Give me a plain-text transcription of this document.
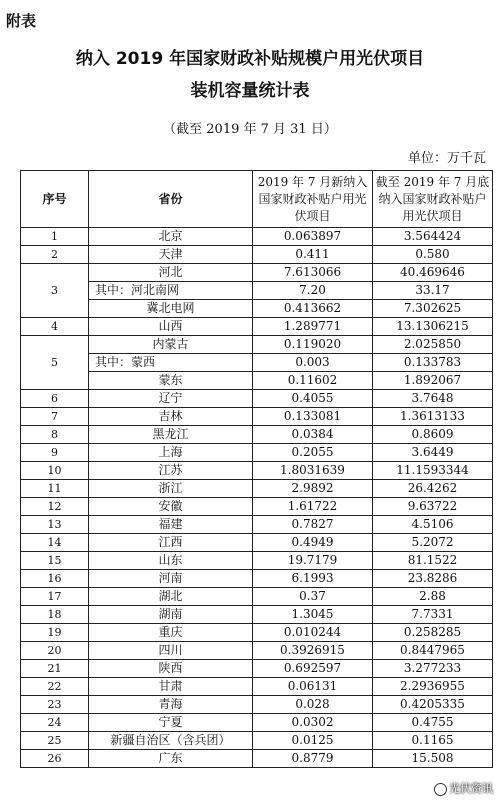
附表
纳入 2019 年国家财政补贴规模户用光伏项目
装机容量统计表
（截至 2019 年 7 月 31 日）
单位：万千瓦
序号	省份	2019 年 7 月新纳入国家财政补贴户用光伏项目	截至 2019 年 7 月底纳入国家财政补贴户用光伏项目
1	北京	0.063897	3.564424
2	天津	0.411	0.580
3	河北	7.613066	40.469646
	其中：河北南网	7.20	33.17
	冀北电网	0.413662	7.302625
4	山西	1.289771	13.1306215
5	内蒙古	0.119020	2.025850
	其中：蒙西	0.003	0.133783
	蒙东	0.11602	1.892067
6	辽宁	0.4055	3.7648
7	吉林	0.133081	1.3613133
8	黑龙江	0.0384	0.8609
9	上海	0.2055	3.6449
10	江苏	1.8031639	11.1593344
11	浙江	2.9892	26.4262
12	安徽	1.61722	9.63722
13	福建	0.7827	4.5106
14	江西	0.4949	5.2072
15	山东	19.7179	81.1522
16	河南	6.1993	23.8286
17	湖北	0.37	2.88
18	湖南	1.3045	7.7331
19	重庆	0.010244	0.258285
20	四川	0.3926915	0.8447965
21	陕西	0.692597	3.277233
22	甘肃	0.06131	2.2936955
23	青海	0.028	0.4205335
24	宁夏	0.0302	0.4755
25	新疆自治区（含兵团）	0.0125	0.1165
26	广东	0.8779	15.508
光伏资讯
